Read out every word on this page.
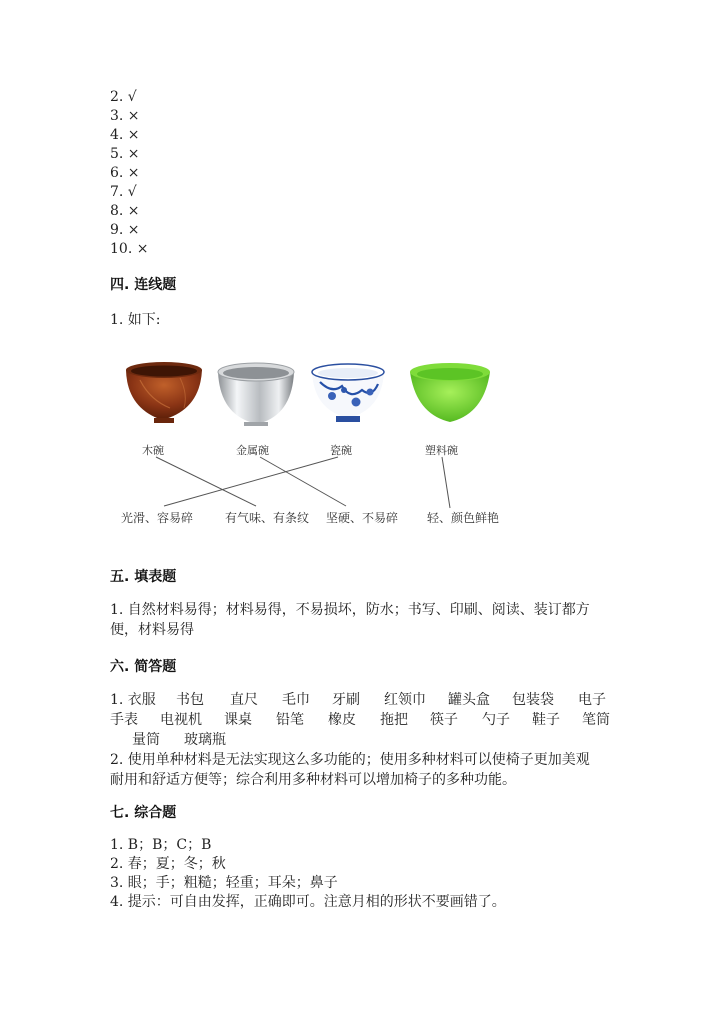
2. √
3. ×
4. ×
5. ×
6. ×
7. √
8. ×
9. ×
10. ×
四. 连线题
1. 如下:
木碗	金属碗	瓷碗	塑料碗
光滑、容易碎	有气味、有条纹 坚硬、不易碎 轻、颜色鲜艳
五. 填表题
1. 自然材料易得；材料易得，不易损坏，防水；书写、印刷、阅读、装订都方
便，材料易得
六. 简答题
1. 衣服 书包 直尺 毛巾 牙刷 红领巾 罐头盒 包装袋 电子
手表 电视机 课桌 铅笔 橡皮 拖把 筷子 勺子 鞋子 笔筒
量筒 玻璃瓶
2. 使用单种材料是无法实现这么多功能的；使用多种材料可以使椅子更加美观
耐用和舒适方便等；综合利用多种材料可以增加椅子的多种功能。
七. 综合题
1. B；B；C；B
2. 春；夏；冬；秋
3. 眼；手；粗糙；轻重；耳朵；鼻子
4. 提示：可自由发挥，正确即可。注意月相的形状不要画错了。
